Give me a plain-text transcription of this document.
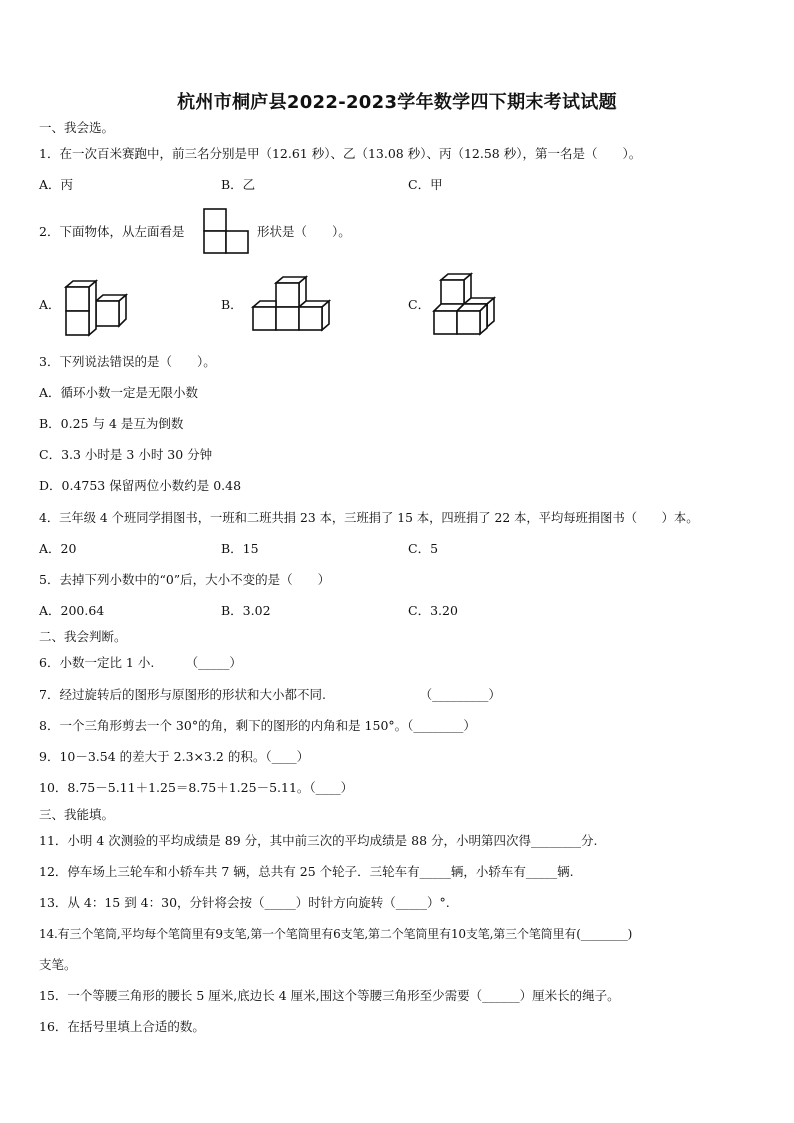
杭州市桐庐县2022-2023学年数学四下期末考试试题
一、我会选。
1．在一次百米赛跑中，前三名分别是甲（12.61 秒）、乙（13.08 秒）、丙（12.58 秒），第一名是（　　）。
A．丙	B．乙	C．甲
2．下面物体，从左面看是	形状是（　　）。
A．	B．	C．
3．下列说法错误的是（　　）。
A．循环小数一定是无限小数
B．0.25 与 4 是互为倒数
C．3.3 小时是 3 小时 30 分钟
D．0.4753 保留两位小数约是 0.48
4．三年级 4 个班同学捐图书，一班和二班共捐 23 本，三班捐了 15 本，四班捐了 22 本，平均每班捐图书（　　）本。
A．20	B．15	C．5
5．去掉下列小数中的“0”后，大小不变的是（　　）
A．200.64	B．3.02	C．3.20
二、我会判断。
6．小数一定比 1 小.　　　（_____）
7．经过旋转后的图形与原图形的形状和大小都不同.　　　　　　　　（_________）
8．一个三角形剪去一个 30°的角，剩下的图形的内角和是 150°。（________）
9．10－3.54 的差大于 2.3×3.2 的积。（____）
10．8.75－5.11＋1.25＝8.75＋1.25－5.11。（____）
三、我能填。
11．小明 4 次测验的平均成绩是 89 分，其中前三次的平均成绩是 88 分，小明第四次得________分.
12．停车场上三轮车和小轿车共 7 辆，总共有 25 个轮子．三轮车有_____辆，小轿车有_____辆.
13．从 4：15 到 4：30，分针将会按（_____）时针方向旋转（_____）°.
14.有三个笔筒,平均每个笔筒里有9支笔,第一个笔筒里有6支笔,第二个笔筒里有10支笔,第三个笔筒里有(________)
支笔。
15．一个等腰三角形的腰长 5 厘米,底边长 4 厘米,围这个等腰三角形至少需要（______）厘米长的绳子。
16．在括号里填上合适的数。
